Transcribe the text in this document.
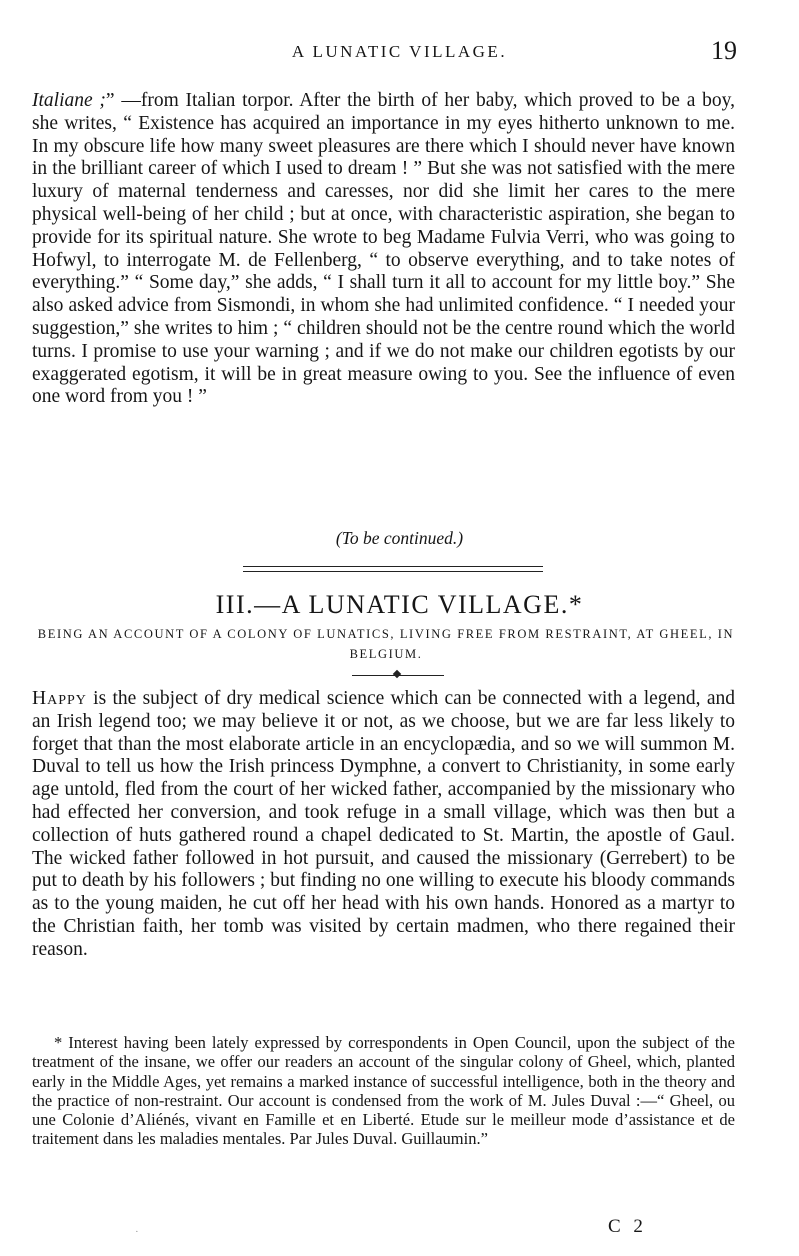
A LUNATIC VILLAGE.	19
Italiane ;” —from Italian torpor. After the birth of her baby, which proved to be a boy, she writes, “ Existence has acquired an importance in my eyes hitherto unknown to me. In my obscure life how many sweet pleasures are there which I should never have known in the brilliant career of which I used to dream ! ” But she was not satisfied with the mere luxury of maternal tenderness and caresses, nor did she limit her cares to the mere physical well-being of her child ; but at once, with characteristic aspiration, she began to provide for its spiritual nature. She wrote to beg Madame Fulvia Verri, who was going to Hofwyl, to interrogate M. de Fellenberg, “ to observe everything, and to take notes of everything.” “ Some day,” she adds, “ I shall turn it all to account for my little boy.” She also asked advice from Sismondi, in whom she had unlimited confidence. “ I needed your suggestion,” she writes to him ; “ children should not be the centre round which the world turns. I promise to use your warning ; and if we do not make our children egotists by our exaggerated egotism, it will be in great measure owing to you. See the influence of even one word from you ! ”
(To be continued.)
III.—A LUNATIC VILLAGE.*
BEING AN ACCOUNT OF A COLONY OF LUNATICS, LIVING FREE FROM RESTRAINT, AT GHEEL, IN BELGIUM.
Happy is the subject of dry medical science which can be connected with a legend, and an Irish legend too; we may believe it or not, as we choose, but we are far less likely to forget that than the most elaborate article in an encyclopædia, and so we will summon M. Duval to tell us how the Irish princess Dymphne, a convert to Christianity, in some early age untold, fled from the court of her wicked father, accompanied by the missionary who had effected her conversion, and took refuge in a small village, which was then but a collection of huts gathered round a chapel dedicated to St. Martin, the apostle of Gaul. The wicked father followed in hot pursuit, and caused the missionary (Gerrebert) to be put to death by his followers ; but finding no one willing to execute his bloody commands as to the young maiden, he cut off her head with his own hands. Honored as a martyr to the Christian faith, her tomb was visited by certain madmen, who there regained their reason.
* Interest having been lately expressed by correspondents in Open Council, upon the subject of the treatment of the insane, we offer our readers an account of the singular colony of Gheel, which, planted early in the Middle Ages, yet remains a marked instance of successful intelligence, both in the theory and the practice of non-restraint. Our account is condensed from the work of M. Jules Duval :—“ Gheel, ou une Colonie d’Aliénés, vivant en Famille et en Liberté. Etude sur le meilleur mode d’assistance et de traitement dans les maladies mentales. Par Jules Duval. Guillaumin.”
C 2
·ﾞ
